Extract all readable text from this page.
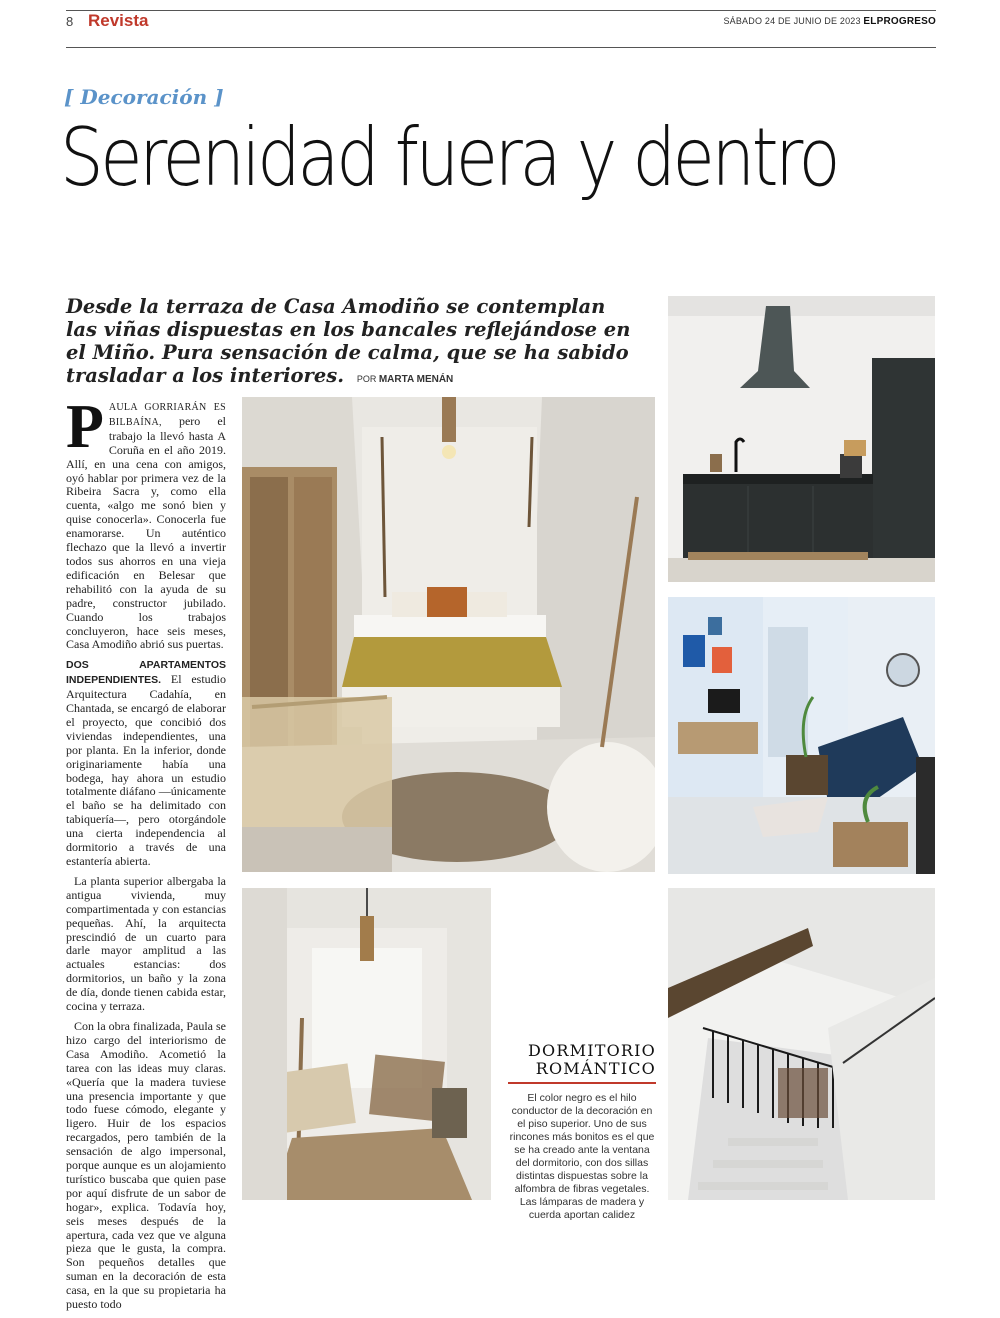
8 Revista	SÁBADO 24 DE JUNIO DE 2023 ELPROGRESO
[ Decoración ]
Serenidad fuera y dentro
Desde la terraza de Casa Amodiño se contemplan las viñas dispuestas en los bancales reflejándose en el Miño. Pura sensación de calma, que se ha sabido trasladar a los interiores. POR MARTA MENÁN

PAULA GORRIARÁN ES BILBAÍNA, pero el trabajo la llevó hasta A Coruña en el año 2019. Allí, en una cena con amigos, oyó hablar por primera vez de la Ribeira Sacra y, como ella cuenta, «algo me sonó bien y quise conocerla». Conocerla fue enamorarse. Un auténtico flechazo que la llevó a invertir todos sus ahorros en una vieja edificación en Belesar que rehabilitó con la ayuda de su padre, constructor jubilado. Cuando los trabajos concluyeron, hace seis meses, Casa Amodiño abrió sus puertas.

DOS APARTAMENTOS INDEPENDIENTES. El estudio Arquitectura Cadahía, en Chantada, se encargó de elaborar el proyecto, que concibió dos viviendas independientes, una por planta. En la inferior, donde originariamente había una bodega, hay ahora un estudio totalmente diáfano —únicamente el baño se ha delimitado con tabiquería—, pero otorgándole una cierta independencia al dormitorio a través de una estantería abierta.

La planta superior albergaba la antigua vivienda, muy compartimentada y con estancias pequeñas. Ahí, la arquitecta prescindió de un cuarto para darle mayor amplitud a las actuales estancias: dos dormitorios, un baño y la zona de día, donde tienen cabida estar, cocina y terraza.

Con la obra finalizada, Paula se hizo cargo del interiorismo de Casa Amodiño. Acometió la tarea con las ideas muy claras. «Quería que la madera tuviese una presencia importante y que todo fuese cómodo, elegante y ligero. Huir de los espacios recargados, pero también de la sensación de algo impersonal, porque aunque es un alojamiento turístico buscaba que quien pase por aquí disfrute de un sabor de hogar», explica. Todavía hoy, seis meses después de la apertura, cada vez que ve alguna pieza que le gusta, la compra. Son pequeños detalles que suman en la decoración de esta casa, en la que su propietaria ha puesto todo

DORMITORIO
ROMÁNTICO
El color negro es el hilo conductor de la decoración en el piso superior. Uno de sus rincones más bonitos es el que se ha creado ante la ventana del dormitorio, con dos sillas distintas dispuestas sobre la alfombra de fibras vegetales. Las lámparas de madera y cuerda aportan calidez
